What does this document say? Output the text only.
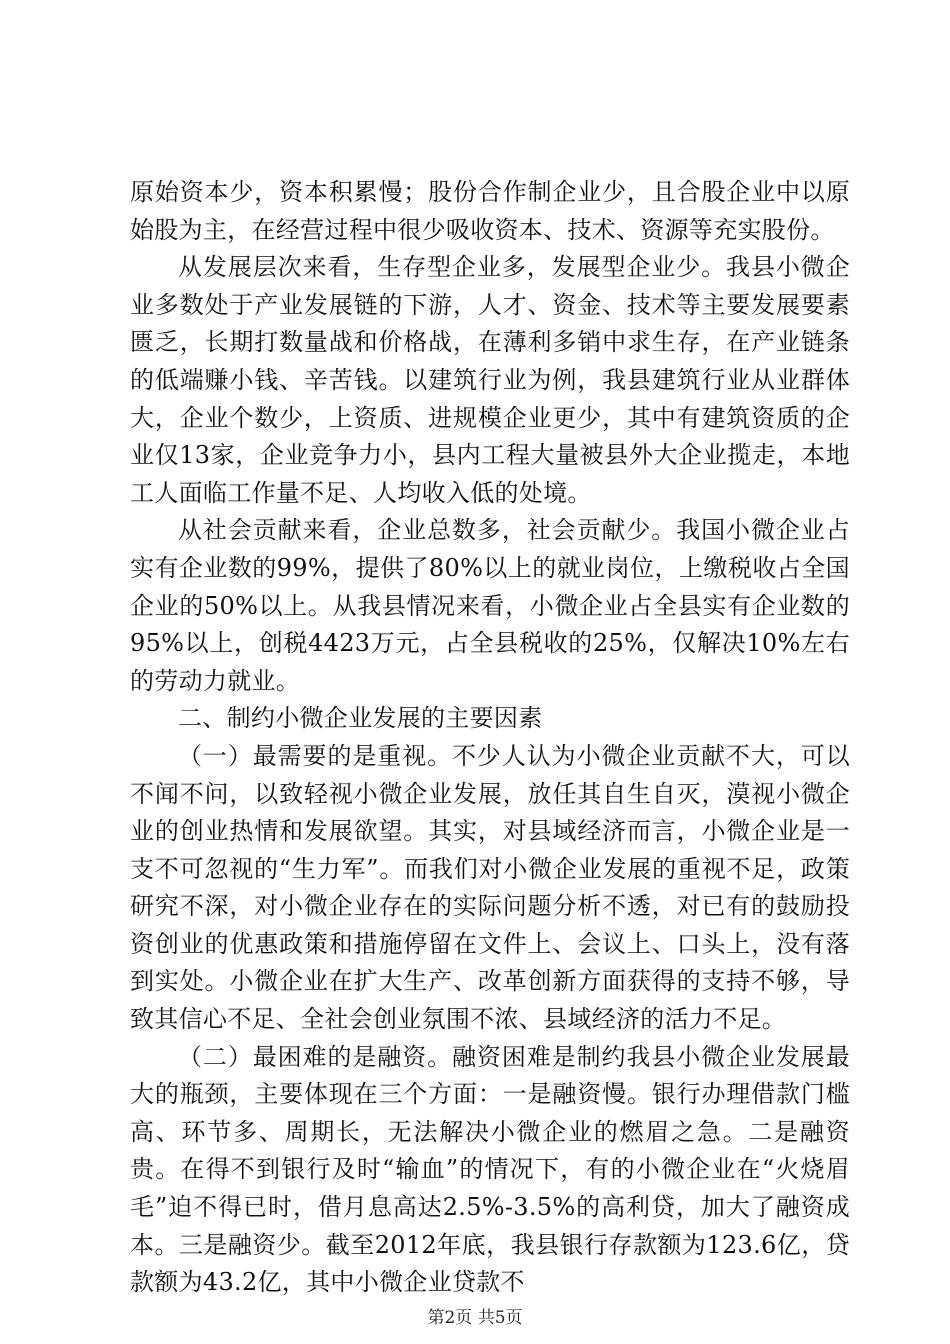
原始资本少，资本积累慢；股份合作制企业少，且合股企业中以原始股为主，在经营过程中很少吸收资本、技术、资源等充实股份。

从发展层次来看，生存型企业多，发展型企业少。我县小微企业多数处于产业发展链的下游，人才、资金、技术等主要发展要素匮乏，长期打数量战和价格战，在薄利多销中求生存，在产业链条的低端赚小钱、辛苦钱。以建筑行业为例，我县建筑行业从业群体大，企业个数少，上资质、进规模企业更少，其中有建筑资质的企业仅13家，企业竞争力小，县内工程大量被县外大企业揽走，本地工人面临工作量不足、人均收入低的处境。

从社会贡献来看，企业总数多，社会贡献少。我国小微企业占实有企业数的99%，提供了80%以上的就业岗位，上缴税收占全国企业的50%以上。从我县情况来看，小微企业占全县实有企业数的95%以上，创税4423万元，占全县税收的25%，仅解决10%左右的劳动力就业。

二、制约小微企业发展的主要因素

（一）最需要的是重视。不少人认为小微企业贡献不大，可以不闻不问，以致轻视小微企业发展，放任其自生自灭，漠视小微企业的创业热情和发展欲望。其实，对县域经济而言，小微企业是一支不可忽视的“生力军”。而我们对小微企业发展的重视不足，政策研究不深，对小微企业存在的实际问题分析不透，对已有的鼓励投资创业的优惠政策和措施停留在文件上、会议上、口头上，没有落到实处。小微企业在扩大生产、改革创新方面获得的支持不够，导致其信心不足、全社会创业氛围不浓、县域经济的活力不足。

（二）最困难的是融资。融资困难是制约我县小微企业发展最大的瓶颈，主要体现在三个方面：一是融资慢。银行办理借款门槛高、环节多、周期长，无法解决小微企业的燃眉之急。二是融资贵。在得不到银行及时“输血”的情况下，有的小微企业在“火烧眉毛”迫不得已时，借月息高达2.5%-3.5%的高利贷，加大了融资成本。三是融资少。截至2012年底，我县银行存款额为123.6亿，贷款额为43.2亿，其中小微企业贷款不

第2页 共5页
